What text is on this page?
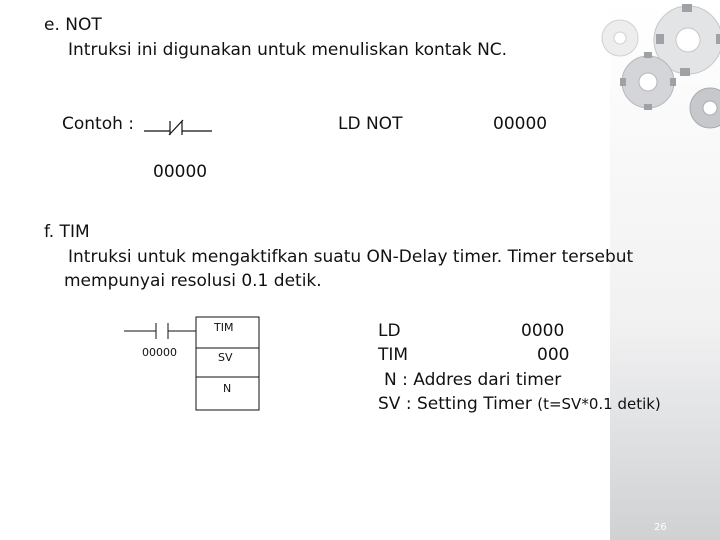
e. NOT
Intruksi ini digunakan untuk menuliskan kontak NC.
Contoh :	LD NOT	00000
00000
f. TIM
Intruksi untuk mengaktifkan suatu ON-Delay timer. Timer tersebut
mempunyai resolusi 0.1 detik.
00000
TIM
SV
N
LD	0000
TIM	000
N : Addres dari timer
SV : Setting Timer (t=SV*0.1 detik)
26
